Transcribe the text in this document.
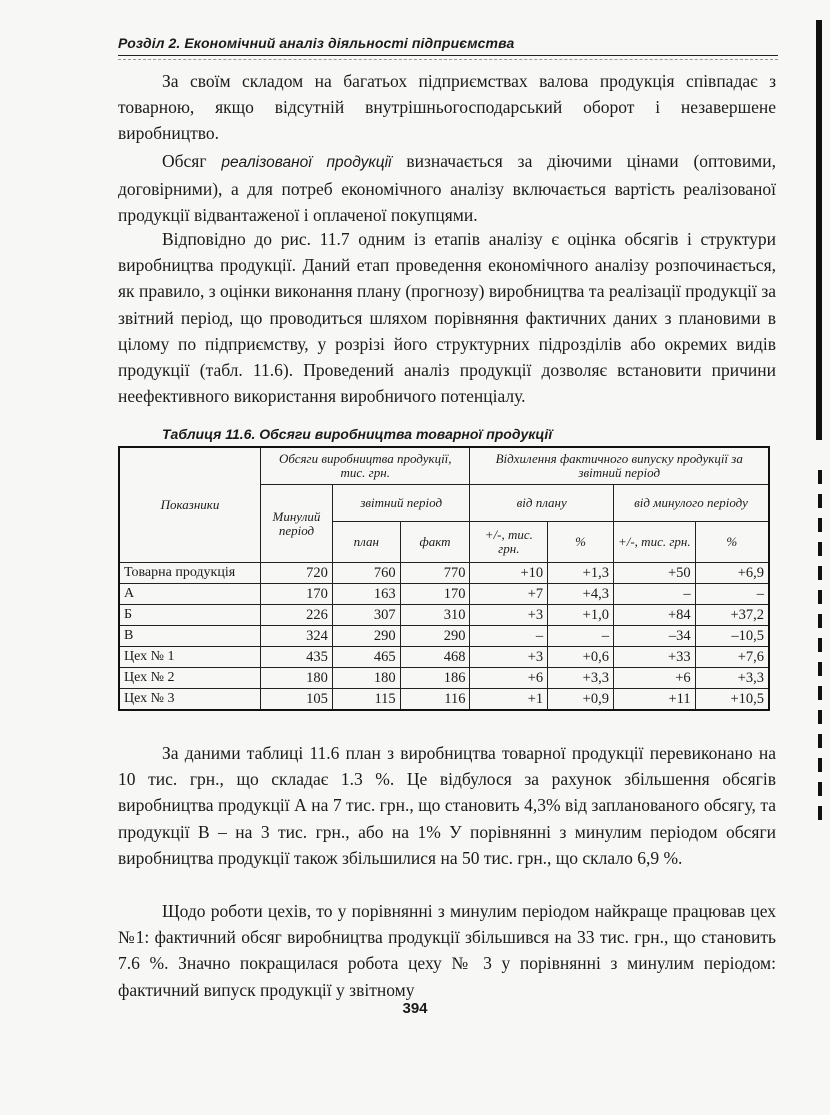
Розділ 2. Економічний аналіз діяльності підприємства

За своїм складом на багатьох підприємствах валова продукція співпадає з товарною, якщо відсутній внутрішньогосподарський оборот і незавершене виробництво.

Обсяг реалізованої продукції визначається за діючими цінами (оптовими, договірними), а для потреб економічного аналізу включається вартість реалізованої продукції відвантаженої і оплаченої покупцями.

Відповідно до рис. 11.7 одним із етапів аналізу є оцінка обсягів і структури виробництва продукції. Даний етап проведення економічного аналізу розпочинається, як правило, з оцінки виконання плану (прогнозу) виробництва та реалізації продукції за звітний період, що проводиться шляхом порівняння фактичних даних з плановими в цілому по підприємству, у розрізі його структурних підрозділів або окремих видів продукції (табл. 11.6). Проведений аналіз продукції дозволяє встановити причини неефективного використання виробничого потенціалу.

Таблиця 11.6. Обсяги виробництва товарної продукції
Показники	Обсяги виробництва продукції, тис. грн.			Відхилення фактичного випуску продукції за звітний період			
	Минулий період	звітний період		від плану		від минулого періоду	
		план	факт	+/-, тис. грн.	%	+/-, тис. грн.	%
Товарна продукція	720	760	770	+10	+1,3	+50	+6,9
А	170	163	170	+7	+4,3	–	–
Б	226	307	310	+3	+1,0	+84	+37,2
В	324	290	290	–	–	–34	–10,5
Цех № 1	435	465	468	+3	+0,6	+33	+7,6
Цех № 2	180	180	186	+6	+3,3	+6	+3,3
Цех № 3	105	115	116	+1	+0,9	+11	+10,5

За даними таблиці 11.6 план з виробництва товарної продукції перевиконано на 10 тис. грн., що складає 1.3 %. Це відбулося за рахунок збільшення обсягів виробництва продукції А на 7 тис. грн., що становить 4,3% від запланованого обсягу, та продукції В – на 3 тис. грн., або на 1% У порівнянні з минулим періодом обсяги виробництва продукції також збільшилися на 50 тис. грн., що склало 6,9 %.

Щодо роботи цехів, то у порівнянні з минулим періодом найкраще працював цех №1: фактичний обсяг виробництва продукції збільшився на 33 тис. грн., що становить 7.6 %. Значно покращилася робота цеху № 3 у порівнянні з минулим періодом: фактичний випуск продукції у звітному

394
